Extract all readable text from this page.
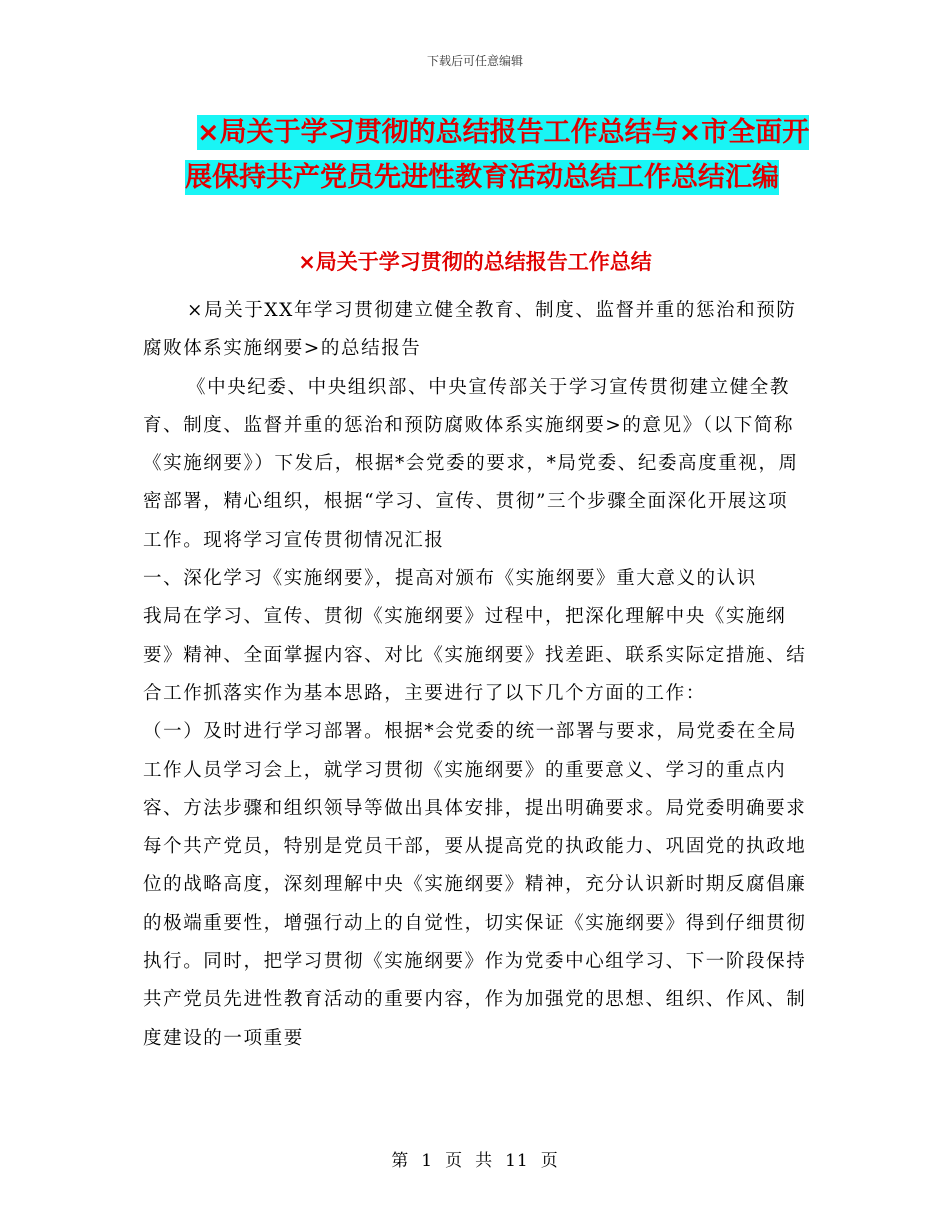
下载后可任意编辑
×局关于学习贯彻的总结报告工作总结与×市全面开
展保持共产党员先进性教育活动总结工作总结汇编
×局关于学习贯彻的总结报告工作总结

×局关于XX年学习贯彻建立健全教育、制度、监督并重的惩治和预防腐败体系实施纲要>的总结报告

《中央纪委、中央组织部、中央宣传部关于学习宣传贯彻建立健全教育、制度、监督并重的惩治和预防腐败体系实施纲要>的意见》（以下简称《实施纲要》）下发后，根据*会党委的要求，*局党委、纪委高度重视，周密部署，精心组织，根据“学习、宣传、贯彻”三个步骤全面深化开展这项工作。现将学习宣传贯彻情况汇报

一、深化学习《实施纲要》，提高对颁布《实施纲要》重大意义的认识

我局在学习、宣传、贯彻《实施纲要》过程中，把深化理解中央《实施纲要》精神、全面掌握内容、对比《实施纲要》找差距、联系实际定措施、结合工作抓落实作为基本思路，主要进行了以下几个方面的工作：

（一）及时进行学习部署。根据*会党委的统一部署与要求，局党委在全局工作人员学习会上，就学习贯彻《实施纲要》的重要意义、学习的重点内容、方法步骤和组织领导等做出具体安排，提出明确要求。局党委明确要求每个共产党员，特别是党员干部，要从提高党的执政能力、巩固党的执政地位的战略高度，深刻理解中央《实施纲要》精神，充分认识新时期反腐倡廉的极端重要性，增强行动上的自觉性，切实保证《实施纲要》得到仔细贯彻执行。同时，把学习贯彻《实施纲要》作为党委中心组学习、下一阶段保持共产党员先进性教育活动的重要内容，作为加强党的思想、组织、作风、制度建设的一项重要

第 1 页 共 11 页
